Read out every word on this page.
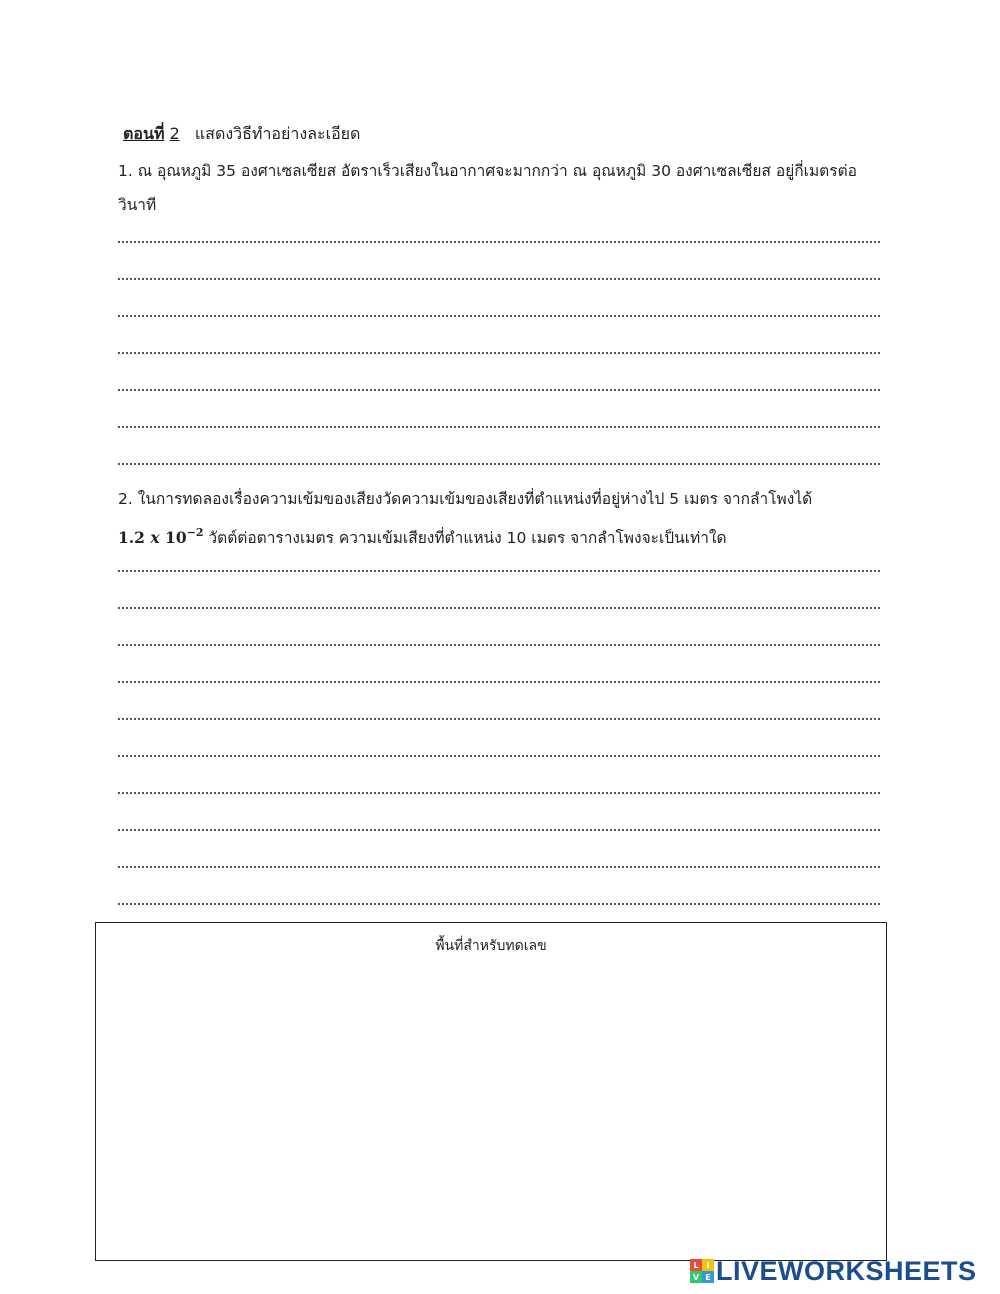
ตอนที่ 2 แสดงวิธีทำอย่างละเอียด
1. ณ อุณหภูมิ 35 องศาเซลเซียส อัตราเร็วเสียงในอากาศจะมากกว่า ณ อุณหภูมิ 30 องศาเซลเซียส อยู่กี่เมตรต่อ
วินาที
2. ในการทดลองเรื่องความเข้มของเสียงวัดความเข้มของเสียงที่ตำแหน่งที่อยู่ห่างไป 5 เมตร จากลำโพงได้
1.2 x $10^{-2}$ วัตต์ต่อตารางเมตร ความเข้มเสียงที่ตำแหน่ง 10 เมตร จากลำโพงจะเป็นเท่าใด
พื้นที่สำหรับทดเลข
L I
V E LIVEWORKSHEETS
